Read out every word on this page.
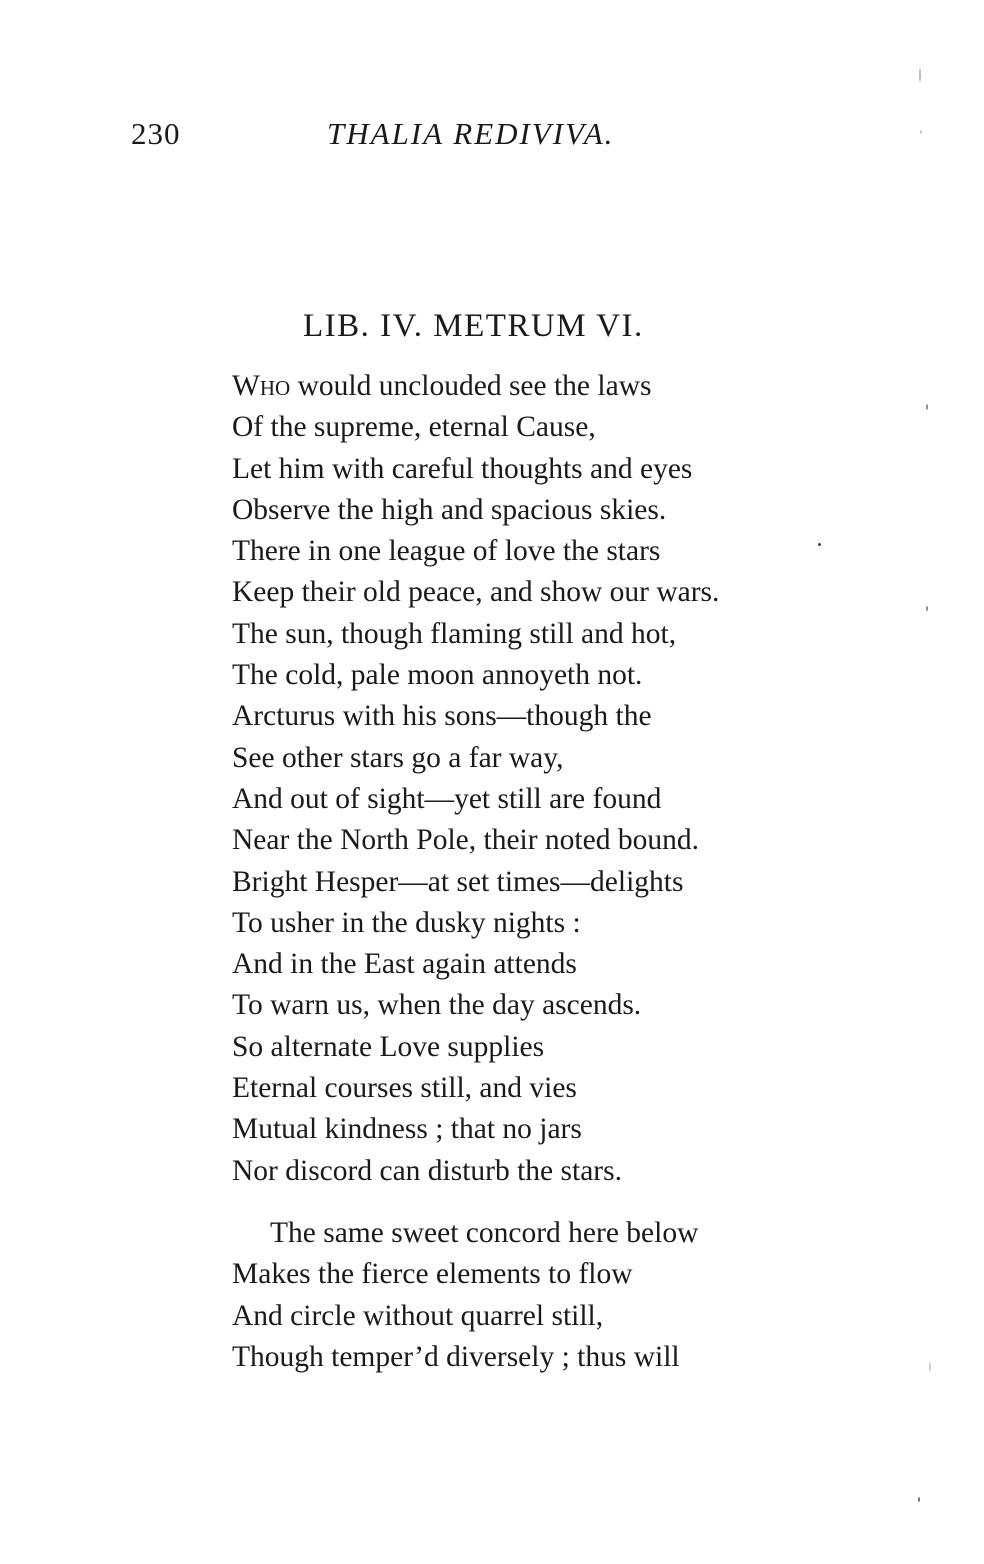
230	THALIA REDIVIVA.
LIB. IV. METRUM VI.
Who would unclouded see the laws
Of the supreme, eternal Cause,
Let him with careful thoughts and eyes
Observe the high and spacious skies.
There in one league of love the stars
Keep their old peace, and show our wars.
The sun, though flaming still and hot,
The cold, pale moon annoyeth not.
Arcturus with his sons—though the
See other stars go a far way,
And out of sight—yet still are found
Near the North Pole, their noted bound.
Bright Hesper—at set times—delights
To usher in the dusky nights :
And in the East again attends
To warn us, when the day ascends.
So alternate Love supplies
Eternal courses still, and vies
Mutual kindness ; that no jars
Nor discord can disturb the stars.
The same sweet concord here below
Makes the fierce elements to flow
And circle without quarrel still,
Though temper’d diversely ; thus will
